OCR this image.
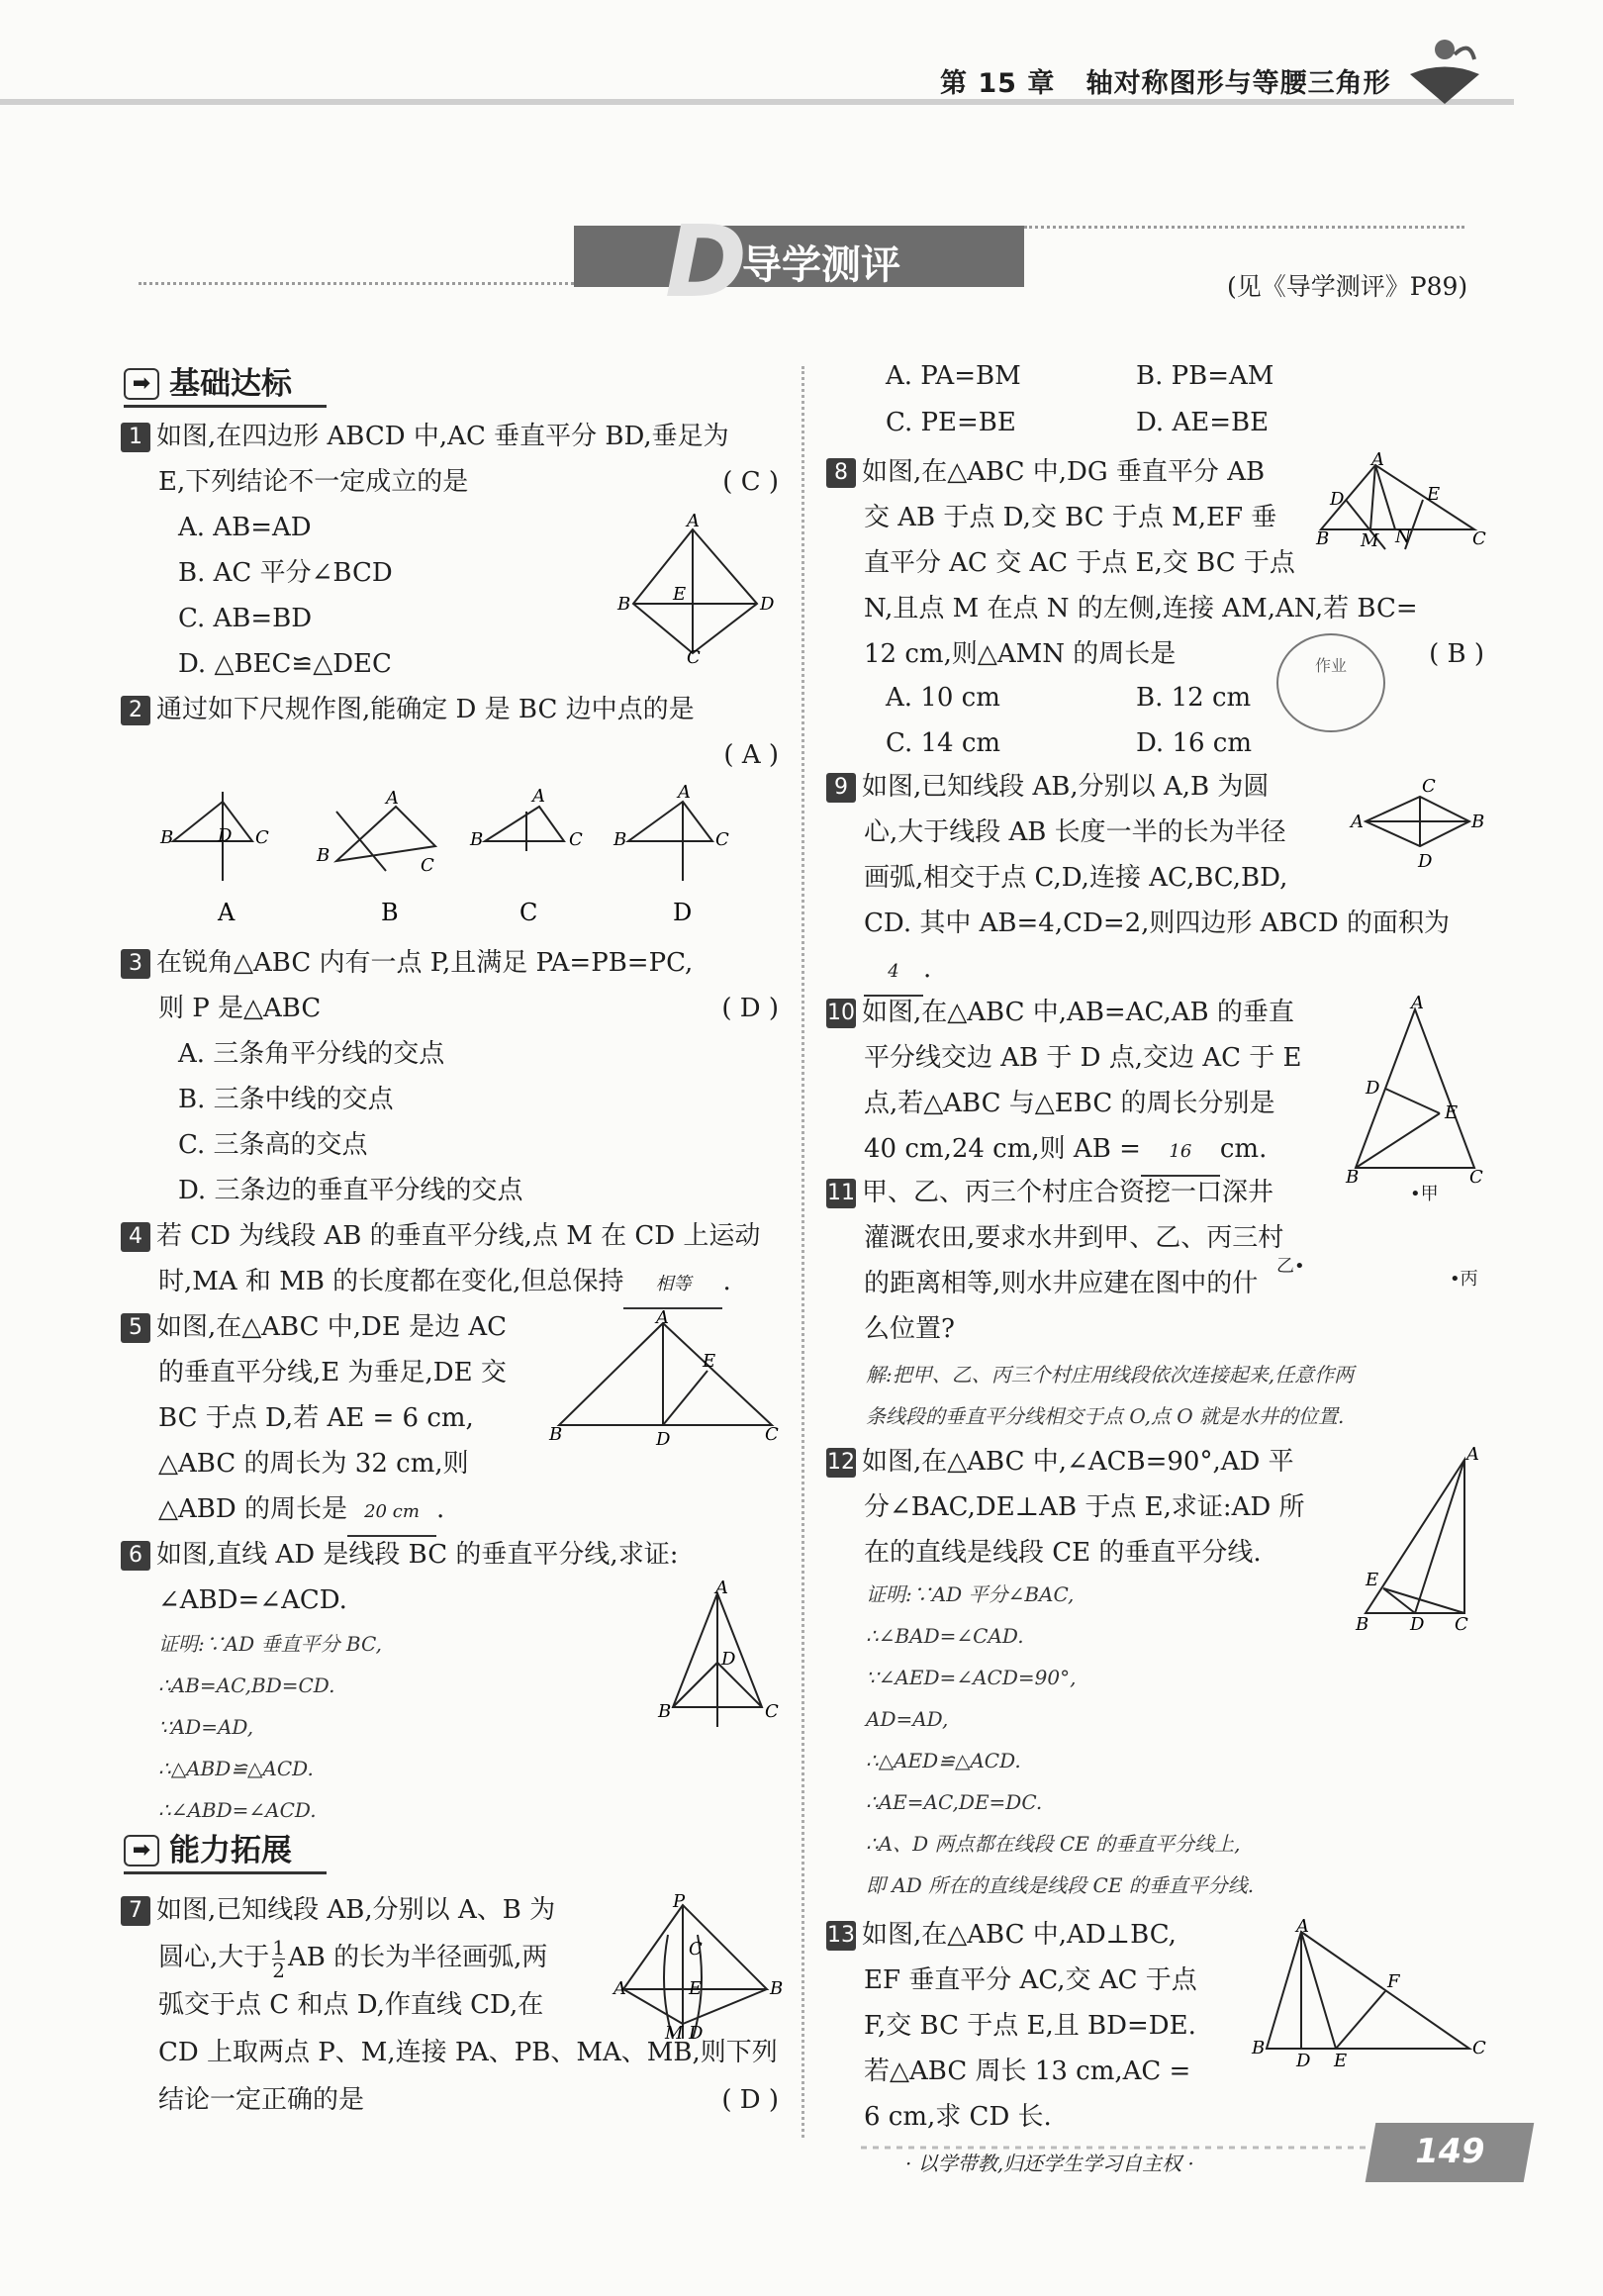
第 15 章 轴对称图形与等腰三角形
D
导学测评	(见《导学测评》P89)
➡ 基础达标
1 如图,在四边形 ABCD 中,AC 垂直平分 BD,垂足为
E,下列结论不一定成立的是	( C )
A. AB=AD
B. AC 平分∠BCD
C. AB=BD
D. △BEC≌△DEC
A
B	D
C
E
2 通过如下尺规作图,能确定 D 是 BC 边中点的是
( A )
B	C
D
B	C
A
B	C
A
B	C
A
A	B	C	D
3 在锐角△ABC 内有一点 P,且满足 PA=PB=PC,
则 P 是△ABC	( D )
A. 三条角平分线的交点
B. 三条中线的交点
C. 三条高的交点
D. 三条边的垂直平分线的交点
4 若 CD 为线段 AB 的垂直平分线,点 M 在 CD 上运动
时,MA 和 MB 的长度都在变化,但总保持 相等 .
5 如图,在△ABC 中,DE 是边 AC
的垂直平分线,E 为垂足,DE 交
BC 于点 D,若 AE = 6 cm,
△ABC 的周长为 32 cm,则
△ABD 的周长是 20 cm .
A
B	C
D
E
6 如图,直线 AD 是线段 BC 的垂直平分线,求证:
∠ABD=∠ACD.
证明:∵AD 垂直平分 BC,
∴AB=AC,BD=CD.
∵AD=AD,
∴△ABD≌△ACD.
∴∠ABD=∠ACD.
A
B	C
D
➡ 能力拓展
7 如图,已知线段 AB,分别以 A、B 为
圆心,大于 $\frac{1}{2}$ AB 的长为半径画弧,两
弧交于点 C 和点 D,作直线 CD,在
CD 上取两点 P、M,连接 PA、PB、MA、MB,则下列
结论一定正确的是	( D )
P
A	B
C
E
M D
A. PA=BM	B. PB=AM
C. PE=BE	D. AE=BE
8 如图,在△ABC 中,DG 垂直平分 AB
交 AB 于点 D,交 BC 于点 M,EF 垂
直平分 AC 交 AC 于点 E,交 BC 于点
N,且点 M 在点 N 的左侧,连接 AM,AN,若 BC=
12 cm,则△AMN 的周长是	( B )
A
B	C
D	E
M N
作业
A. 10 cm	B. 12 cm
C. 14 cm	D. 16 cm
9 如图,已知线段 AB,分别以 A,B 为圆
心,大于线段 AB 长度一半的长为半径
画弧,相交于点 C,D,连接 AC,BC,BD,
CD. 其中 AB=4,CD=2,则四边形 ABCD 的面积为
4 .
A	B
C
D
10 如图,在△ABC 中,AB=AC,AB 的垂直
平分线交边 AB 于 D 点,交边 AC 于 E
点,若△ABC 与△EBC 的周长分别是
40 cm,24 cm,则 AB = 16 cm.
A
B	C
D
E
•甲
乙•
•丙
11 甲、乙、丙三个村庄合资挖一口深井
灌溉农田,要求水井到甲、乙、丙三村
的距离相等,则水井应建在图中的什
么位置?
解:把甲、乙、丙三个村庄用线段依次连接起来,任意作两
条线段的垂直平分线相交于点 O,点 O 就是水井的位置.
12 如图,在△ABC 中,∠ACB=90°,AD 平
分∠BAC,DE⊥AB 于点 E,求证:AD 所
在的直线是线段 CE 的垂直平分线.
证明:∵AD 平分∠BAC,
∴∠BAD=∠CAD.
∵∠AED=∠ACD=90°,
AD=AD,
∴△AED≌△ACD.
∴AE=AC,DE=DC.
∴A、D 两点都在线段 CE 的垂直平分线上,
即 AD 所在的直线是线段 CE 的垂直平分线.
A
B D C
E
13 如图,在△ABC 中,AD⊥BC,
EF 垂直平分 AC,交 AC 于点
F,交 BC 于点 E,且 BD=DE.
若△ABC 周长 13 cm,AC =
6 cm,求 CD 长.
A
B	C
D E
F
· 以学带教,归还学生学习自主权 ·	149
